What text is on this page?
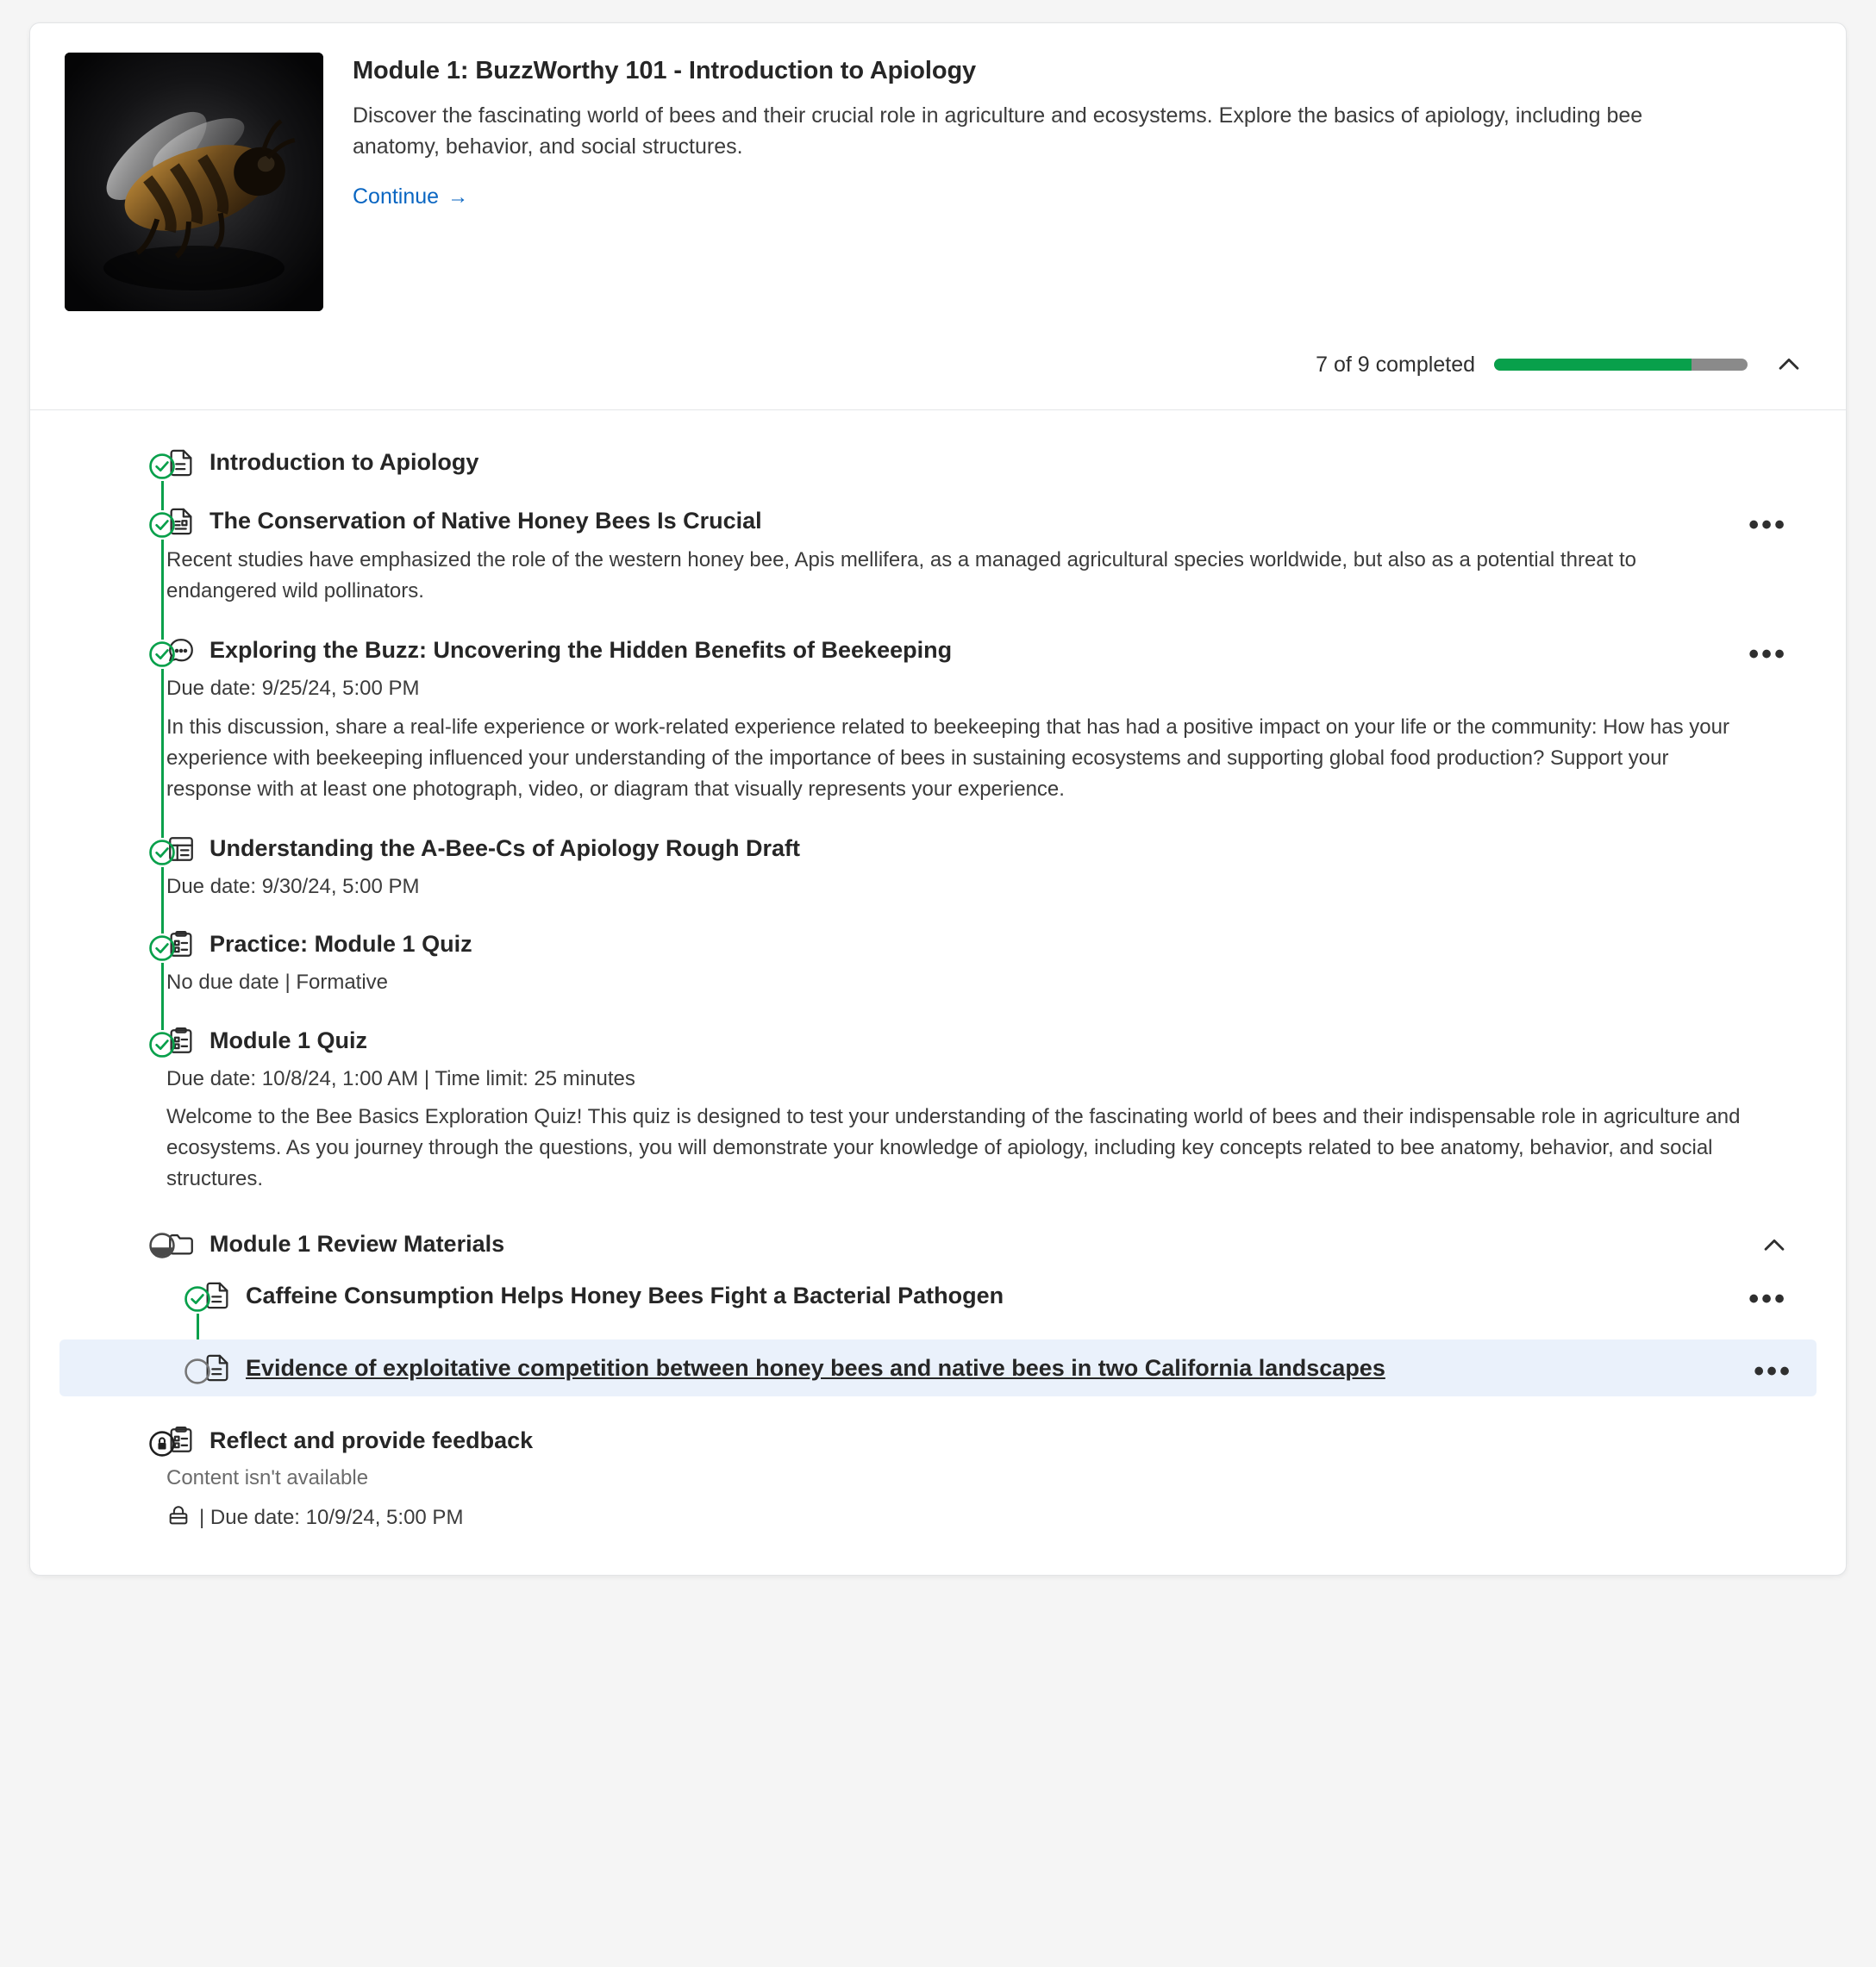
Module 1: BuzzWorthy 101 - Introduction to Apiology

Discover the fascinating world of bees and their crucial role in agriculture and ecosystems. Explore the basics of apiology, including bee anatomy, behavior, and social structures.

Continue →
7 of 9 completed
Introduction to Apiology
•••
The Conservation of Native Honey Bees Is Crucial
Recent studies have emphasized the role of the western honey bee, Apis mellifera, as a managed agricultural species worldwide, but also as a potential threat to endangered wild pollinators.
•••
Exploring the Buzz: Uncovering the Hidden Benefits of Beekeeping
Due date: 9/25/24, 5:00 PM
In this discussion, share a real-life experience or work-related experience related to beekeeping that has had a positive impact on your life or the community: How has your experience with beekeeping influenced your understanding of the importance of bees in sustaining ecosystems and supporting global food production? Support your response with at least one photograph, video, or diagram that visually represents your experience.
Understanding the A-Bee-Cs of Apiology Rough Draft
Due date: 9/30/24, 5:00 PM
Practice: Module 1 Quiz
No due date | Formative
Module 1 Quiz
Due date: 10/8/24, 1:00 AM | Time limit: 25 minutes
Welcome to the Bee Basics Exploration Quiz! This quiz is designed to test your understanding of the fascinating world of bees and their indispensable role in agriculture and ecosystems. As you journey through the questions, you will demonstrate your knowledge of apiology, including key concepts related to bee anatomy, behavior, and social structures.
Module 1 Review Materials
•••
Caffeine Consumption Helps Honey Bees Fight a Bacterial Pathogen
•••
Evidence of exploitative competition between honey bees and native bees in two California landscapes
Reflect and provide feedback
Content isn't available
| Due date: 10/9/24, 5:00 PM
